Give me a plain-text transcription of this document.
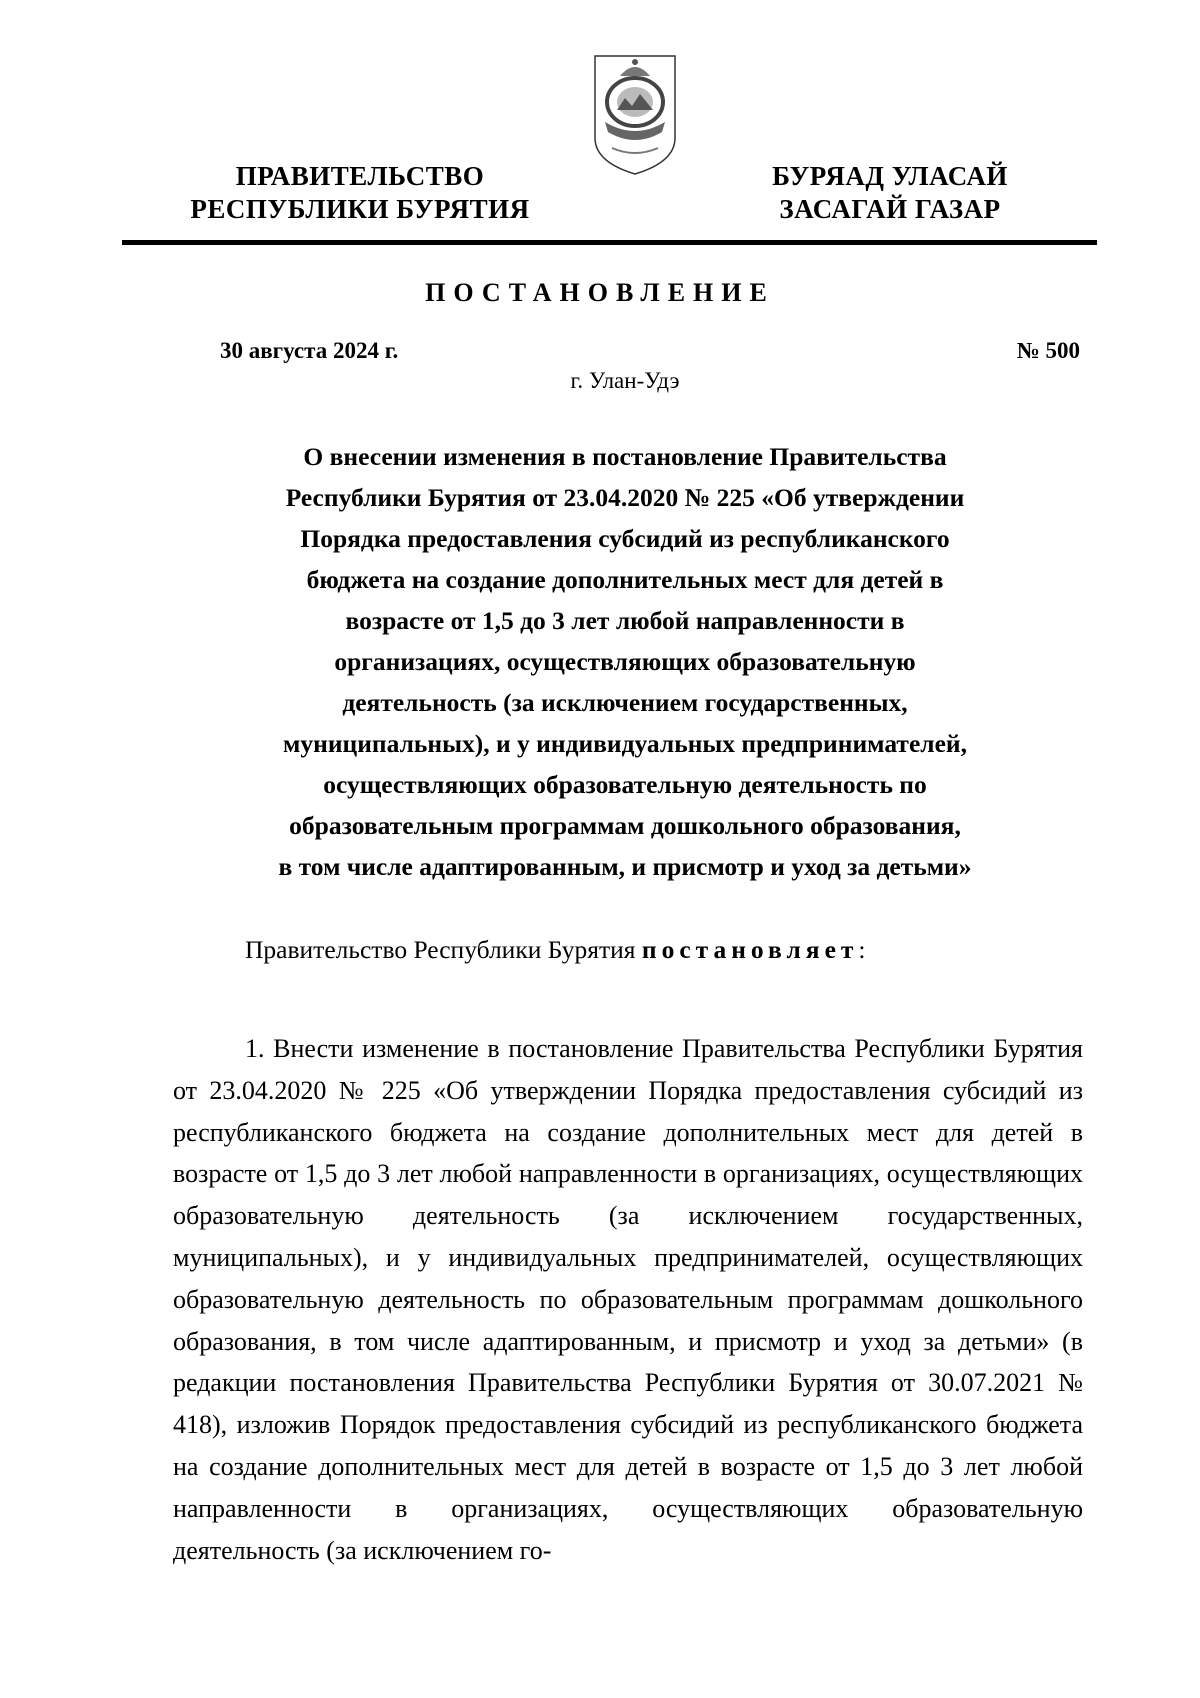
ПРАВИТЕЛЬСТВО
РЕСПУБЛИКИ БУРЯТИЯ
БУРЯАД УЛАСАЙ
ЗАСАГАЙ ГАЗАР
ПОСТАНОВЛЕНИЕ
30 августа 2024 г.	№ 500
г. Улан-Удэ
О внесении изменения в постановление Правительства
Республики Бурятия от 23.04.2020 № 225 «Об утверждении
Порядка предоставления субсидий из республиканского
бюджета на создание дополнительных мест для детей в
возрасте от 1,5 до 3 лет любой направленности в
организациях, осуществляющих образовательную
деятельность (за исключением государственных,
муниципальных), и у индивидуальных предпринимателей,
осуществляющих образовательную деятельность по
образовательным программам дошкольного образования,
в том числе адаптированным, и присмотр и уход за детьми»
Правительство Республики Бурятия постановляет:
1. Внести изменение в постановление Правительства Республики Бурятия от 23.04.2020 № 225 «Об утверждении Порядка предоставления субсидий из республиканского бюджета на создание дополнительных мест для детей в возрасте от 1,5 до 3 лет любой направленности в организациях, осуществляющих образовательную деятельность (за исключением государственных, муниципальных), и у индивидуальных предпринимателей, осуществляющих образовательную деятельность по образовательным программам дошкольного образования, в том числе адаптированным, и присмотр и уход за детьми» (в редакции постановления Правительства Республики Бурятия от 30.07.2021 № 418), изложив Порядок предоставления субсидий из республиканского бюджета на создание дополнительных мест для детей в возрасте от 1,5 до 3 лет любой направленности в организациях, осуществляющих образовательную деятельность (за исключением го-
